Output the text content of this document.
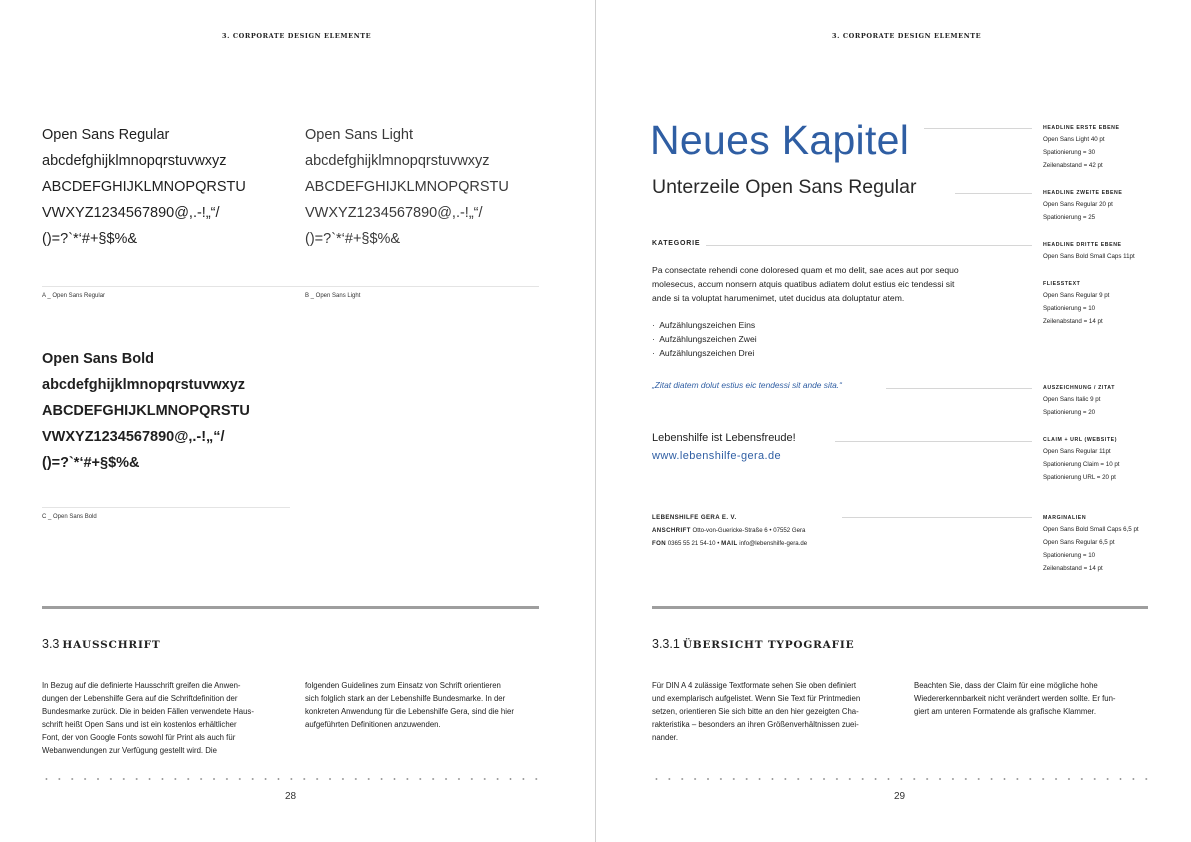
3. CORPORATE DESIGN ELEMENTE
Open Sans Regular
abcdefghijklmnopqrstuvwxyz
ABCDEFGHIJKLMNOPQRSTU
VWXYZ1234567890@,.-!„“/
()=?`*‘#+§$%&
Open Sans Light
abcdefghijklmnopqrstuvwxyz
ABCDEFGHIJKLMNOPQRSTU
VWXYZ1234567890@,.-!„“/
()=?`*‘#+§$%&
A _ Open Sans Regular	B _ Open Sans Light
Open Sans Bold
abcdefghijklmnopqrstuvwxyz
ABCDEFGHIJKLMNOPQRSTU
VWXYZ1234567890@,.-!„“/
()=?`*‘#+§$%&
C _ Open Sans Bold
3.3 HAUSSCHRIFT
In Bezug auf die definierte Hausschrift greifen die Anwen-
dungen der Lebenshilfe Gera auf die Schriftdefinition der
Bundesmarke zurück. Die in beiden Fällen verwendete Haus-
schrift heißt Open Sans und ist ein kostenlos erhältlicher
Font, der von Google Fonts sowohl für Print als auch für
Webanwendungen zur Verfügung gestellt wird. Die
folgenden Guidelines zum Einsatz von Schrift orientieren
sich folglich stark an der Lebenshilfe Bundesmarke. In der
konkreten Anwendung für die Lebenshilfe Gera, sind die hier
aufgeführten Definitionen anzuwenden.
28
3. CORPORATE DESIGN ELEMENTE
Neues Kapitel
Unterzeile Open Sans Regular
KATEGORIE
Pa consectate rehendi cone doloresed quam et mo delit, sae aces aut por sequo
molesecus, accum nonsern atquis quatibus adiatem dolut estius eic tendessi sit
ande si ta voluptat harumenimet, utet ducidus ata doluptatur atem.
· Aufzählungszeichen Eins
· Aufzählungszeichen Zwei
· Aufzählungszeichen Drei
„Zitat diatem dolut estius eic tendessi sit ande sita.“
Lebenshilfe ist Lebensfreude!
www.lebenshilfe-gera.de
LEBENSHILFE GERA E. V.
ANSCHRIFT Otto-von-Guericke-Straße 6 • 07552 Gera
FON 0365 55 21 54-10 • MAIL info@lebenshilfe-gera.de
HEADLINE ERSTE EBENE
Open Sans Light 40 pt
Spationierung = 30
Zeilenabstand = 42 pt
HEADLINE ZWEITE EBENE
Open Sans Regular 20 pt
Spationierung = 25
HEADLINE DRITTE EBENE
Open Sans Bold Small Caps 11pt
FLIESSTEXT
Open Sans Regular 9 pt
Spationierung = 10
Zeilenabstand = 14 pt
AUSZEICHNUNG / ZITAT
Open Sans Italic 9 pt
Spationierung = 20
CLAIM + URL (WEBSITE)
Open Sans Regular 11pt
Spationierung Claim = 10 pt
Spationierung URL = 20 pt
MARGINALIEN
Open Sans Bold Small Caps 6,5 pt
Open Sans Regular 6,5 pt
Spationierung = 10
Zeilenabstand = 14 pt
3.3.1 ÜBERSICHT TYPOGRAFIE
Für DIN A 4 zulässige Textformate sehen Sie oben definiert
und exemplarisch aufgelistet. Wenn Sie Text für Printmedien
setzen, orientieren Sie sich bitte an den hier gezeigten Cha-
rakteristika – besonders an ihren Größenverhältnissen zuei-
nander.
Beachten Sie, dass der Claim für eine mögliche hohe
Wiedererkennbarkeit nicht verändert werden sollte. Er fun-
giert am unteren Formatende als grafische Klammer.
29
